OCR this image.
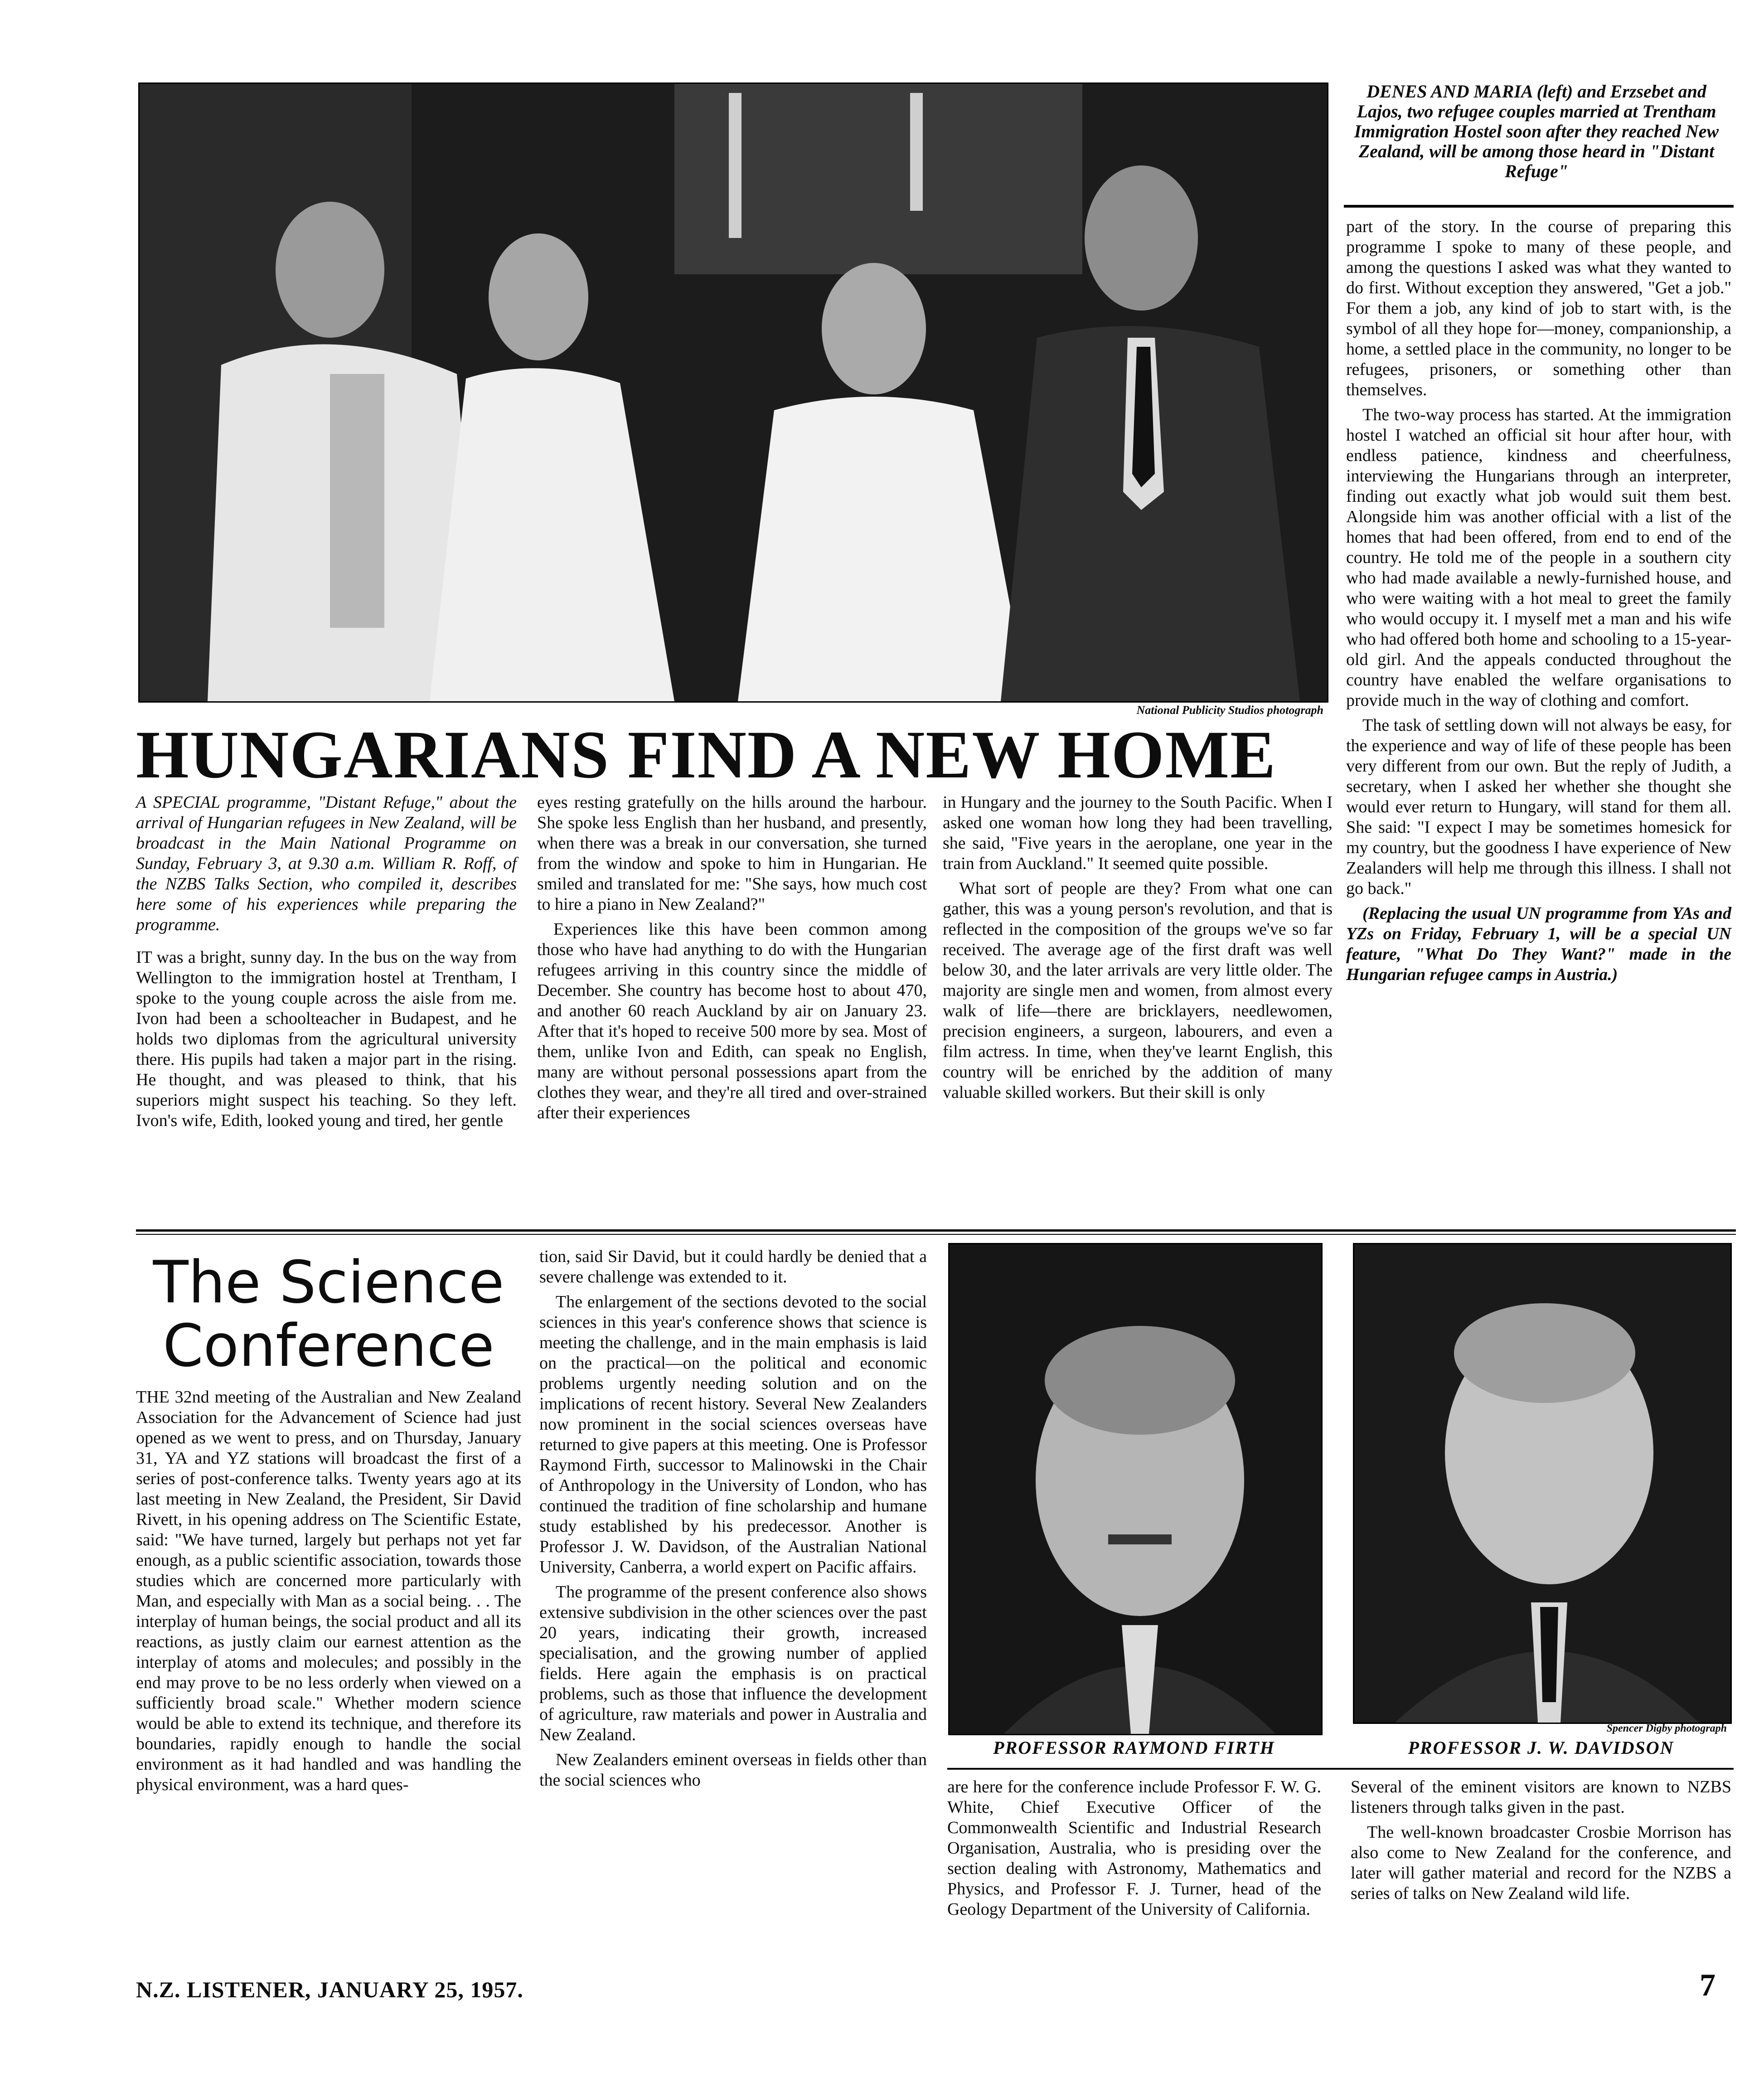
National Publicity Studios photograph
DENES AND MARIA (left) and Erzsebet and Lajos, two refugee couples married at Trentham Immigration Hostel soon after they reached New Zealand, will be among those heard in "Distant Refuge"
HUNGARIANS FIND A NEW HOME

A SPECIAL programme, "Distant Refuge," about the arrival of Hungarian refugees in New Zealand, will be broadcast in the Main National Programme on Sunday, February 3, at 9.30 a.m. William R. Roff, of the NZBS Talks Section, who compiled it, describes here some of his experiences while preparing the programme.

IT was a bright, sunny day. In the bus on the way from Wellington to the immigration hostel at Trentham, I spoke to the young couple across the aisle from me. Ivon had been a schoolteacher in Budapest, and he holds two diplomas from the agricultural university there. His pupils had taken a major part in the rising. He thought, and was pleased to think, that his superiors might suspect his teaching. So they left. Ivon's wife, Edith, looked young and tired, her gentle

eyes resting gratefully on the hills around the harbour. She spoke less English than her husband, and presently, when there was a break in our conversation, she turned from the window and spoke to him in Hungarian. He smiled and translated for me: "She says, how much cost to hire a piano in New Zealand?"

Experiences like this have been common among those who have had anything to do with the Hungarian refugees arriving in this country since the middle of December. She country has become host to about 470, and another 60 reach Auckland by air on January 23. After that it's hoped to receive 500 more by sea. Most of them, unlike Ivon and Edith, can speak no English, many are without personal possessions apart from the clothes they wear, and they're all tired and over-strained after their experiences

in Hungary and the journey to the South Pacific. When I asked one woman how long they had been travelling, she said, "Five years in the aeroplane, one year in the train from Auckland." It seemed quite possible.

What sort of people are they? From what one can gather, this was a young person's revolution, and that is reflected in the composition of the groups we've so far received. The average age of the first draft was well below 30, and the later arrivals are very little older. The majority are single men and women, from almost every walk of life—there are bricklayers, needlewomen, precision engineers, a surgeon, labourers, and even a film actress. In time, when they've learnt English, this country will be enriched by the addition of many valuable skilled workers. But their skill is only

part of the story. In the course of preparing this programme I spoke to many of these people, and among the questions I asked was what they wanted to do first. Without exception they answered, "Get a job." For them a job, any kind of job to start with, is the symbol of all they hope for—money, companionship, a home, a settled place in the community, no longer to be refugees, prisoners, or something other than themselves.

The two-way process has started. At the immigration hostel I watched an official sit hour after hour, with endless patience, kindness and cheerfulness, interviewing the Hungarians through an interpreter, finding out exactly what job would suit them best. Alongside him was another official with a list of the homes that had been offered, from end to end of the country. He told me of the people in a southern city who had made available a newly-furnished house, and who were waiting with a hot meal to greet the family who would occupy it. I myself met a man and his wife who had offered both home and schooling to a 15-year-old girl. And the appeals conducted throughout the country have enabled the welfare organisations to provide much in the way of clothing and comfort.

The task of settling down will not always be easy, for the experience and way of life of these people has been very different from our own. But the reply of Judith, a secretary, when I asked her whether she thought she would ever return to Hungary, will stand for them all. She said: "I expect I may be sometimes homesick for my country, but the goodness I have experience of New Zealanders will help me through this illness. I shall not go back."

(Replacing the usual UN programme from YAs and YZs on Friday, February 1, will be a special UN feature, "What Do They Want?" made in the Hungarian refugee camps in Austria.)

The Science
Conference

THE 32nd meeting of the Australian and New Zealand Association for the Advancement of Science had just opened as we went to press, and on Thursday, January 31, YA and YZ stations will broadcast the first of a series of post-conference talks. Twenty years ago at its last meeting in New Zealand, the President, Sir David Rivett, in his opening address on The Scientific Estate, said: "We have turned, largely but perhaps not yet far enough, as a public scientific association, towards those studies which are concerned more particularly with Man, and especially with Man as a social being. . . The interplay of human beings, the social product and all its reactions, as justly claim our earnest attention as the interplay of atoms and molecules; and possibly in the end may prove to be no less orderly when viewed on a sufficiently broad scale." Whether modern science would be able to extend its technique, and therefore its boundaries, rapidly enough to handle the social environment as it had handled and was handling the physical environment, was a hard ques-

tion, said Sir David, but it could hardly be denied that a severe challenge was extended to it.

The enlargement of the sections devoted to the social sciences in this year's conference shows that science is meeting the challenge, and in the main emphasis is laid on the practical—on the political and economic problems urgently needing solution and on the implications of recent history. Several New Zealanders now prominent in the social sciences overseas have returned to give papers at this meeting. One is Professor Raymond Firth, successor to Malinowski in the Chair of Anthropology in the University of London, who has continued the tradition of fine scholarship and humane study established by his predecessor. Another is Professor J. W. Davidson, of the Australian National University, Canberra, a world expert on Pacific affairs.

The programme of the present conference also shows extensive subdivision in the other sciences over the past 20 years, indicating their growth, increased specialisation, and the growing number of applied fields. Here again the emphasis is on practical problems, such as those that influence the development of agriculture, raw materials and power in Australia and New Zealand.

New Zealanders eminent overseas in fields other than the social sciences who

PROFESSOR RAYMOND FIRTH
Spencer Digby photograph
PROFESSOR J. W. DAVIDSON

are here for the conference include Professor F. W. G. White, Chief Executive Officer of the Commonwealth Scientific and Industrial Research Organisation, Australia, who is presiding over the section dealing with Astronomy, Mathematics and Physics, and Professor F. J. Turner, head of the Geology Department of the University of California.

Several of the eminent visitors are known to NZBS listeners through talks given in the past.

The well-known broadcaster Crosbie Morrison has also come to New Zealand for the conference, and later will gather material and record for the NZBS a series of talks on New Zealand wild life.

N.Z. LISTENER, JANUARY 25, 1957.	7
